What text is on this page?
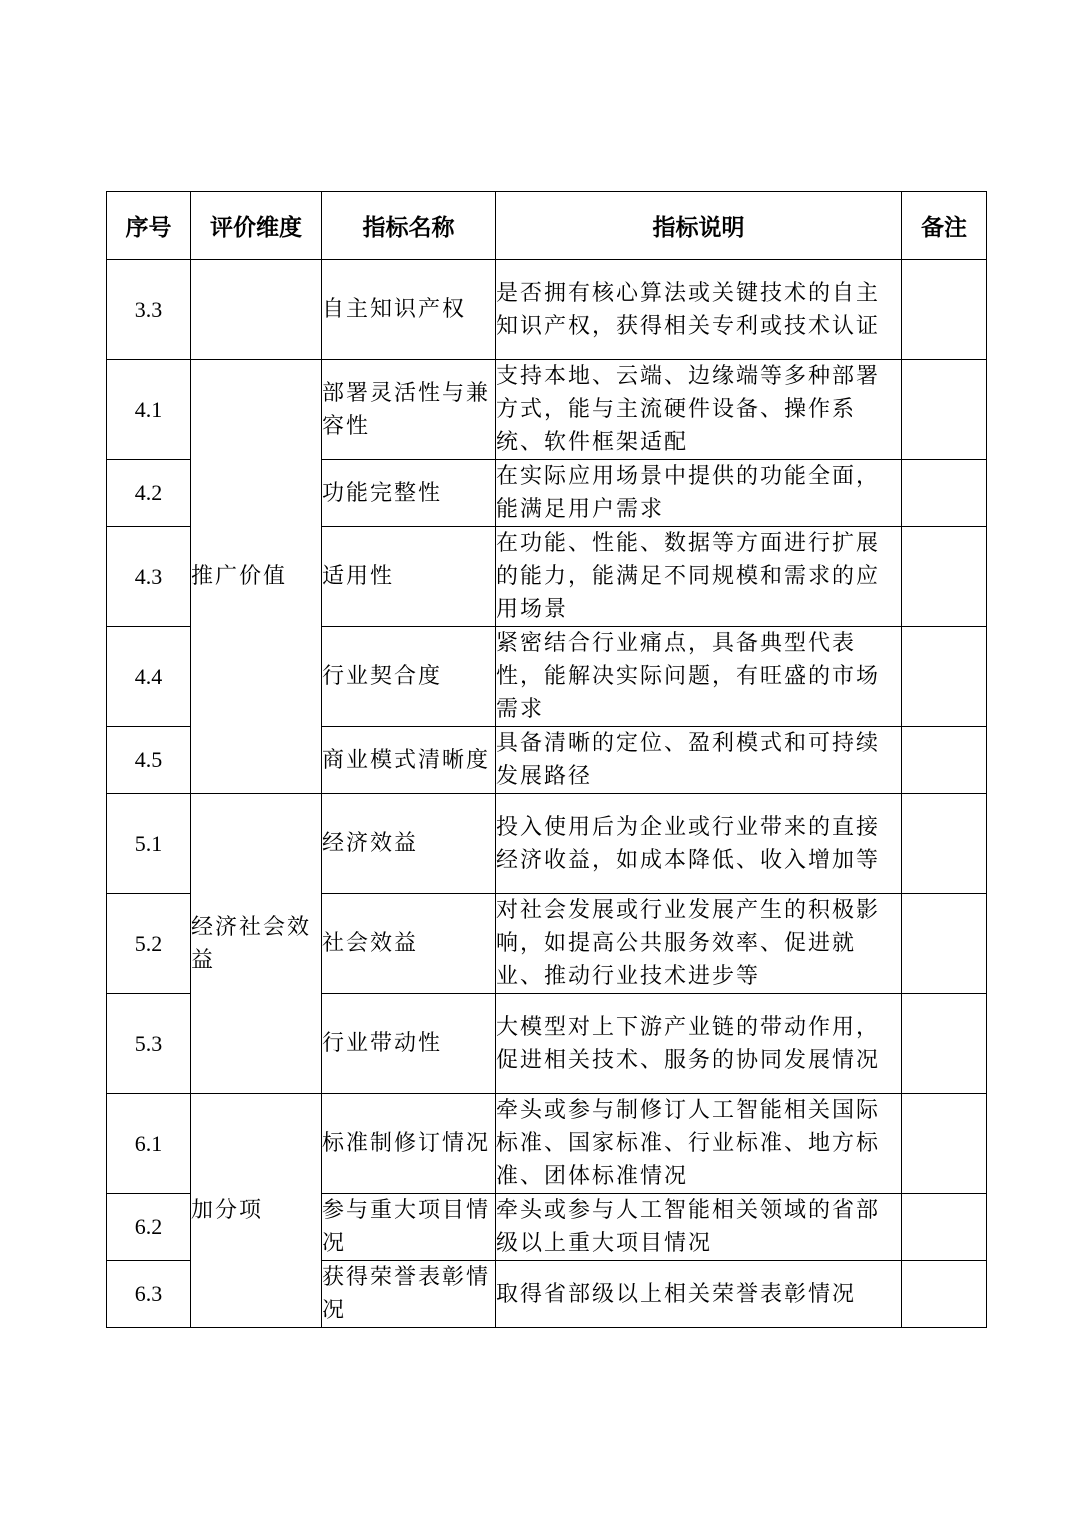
序号	评价维度	指标名称	指标说明	备注
3.3		自主知识产权	是否拥有核心算法或关键技术的自主知识产权，获得相关专利或技术认证	
4.1	推广价值	部署灵活性与兼容性	支持本地、云端、边缘端等多种部署方式，能与主流硬件设备、操作系统、软件框架适配	
4.2		功能完整性	在实际应用场景中提供的功能全面，能满足用户需求	
4.3		适用性	在功能、性能、数据等方面进行扩展的能力，能满足不同规模和需求的应用场景	
4.4		行业契合度	紧密结合行业痛点，具备典型代表性，能解决实际问题，有旺盛的市场需求	
4.5		商业模式清晰度	具备清晰的定位、盈利模式和可持续发展路径	
5.1	经济社会效益	经济效益	投入使用后为企业或行业带来的直接经济收益，如成本降低、收入增加等	
5.2		社会效益	对社会发展或行业发展产生的积极影响，如提高公共服务效率、促进就业、推动行业技术进步等	
5.3		行业带动性	大模型对上下游产业链的带动作用，促进相关技术、服务的协同发展情况	
6.1	加分项	标准制修订情况	牵头或参与制修订人工智能相关国际标准、国家标准、行业标准、地方标准、团体标准情况	
6.2		参与重大项目情况	牵头或参与人工智能相关领域的省部级以上重大项目情况	
6.3		获得荣誉表彰情况	取得省部级以上相关荣誉表彰情况	
